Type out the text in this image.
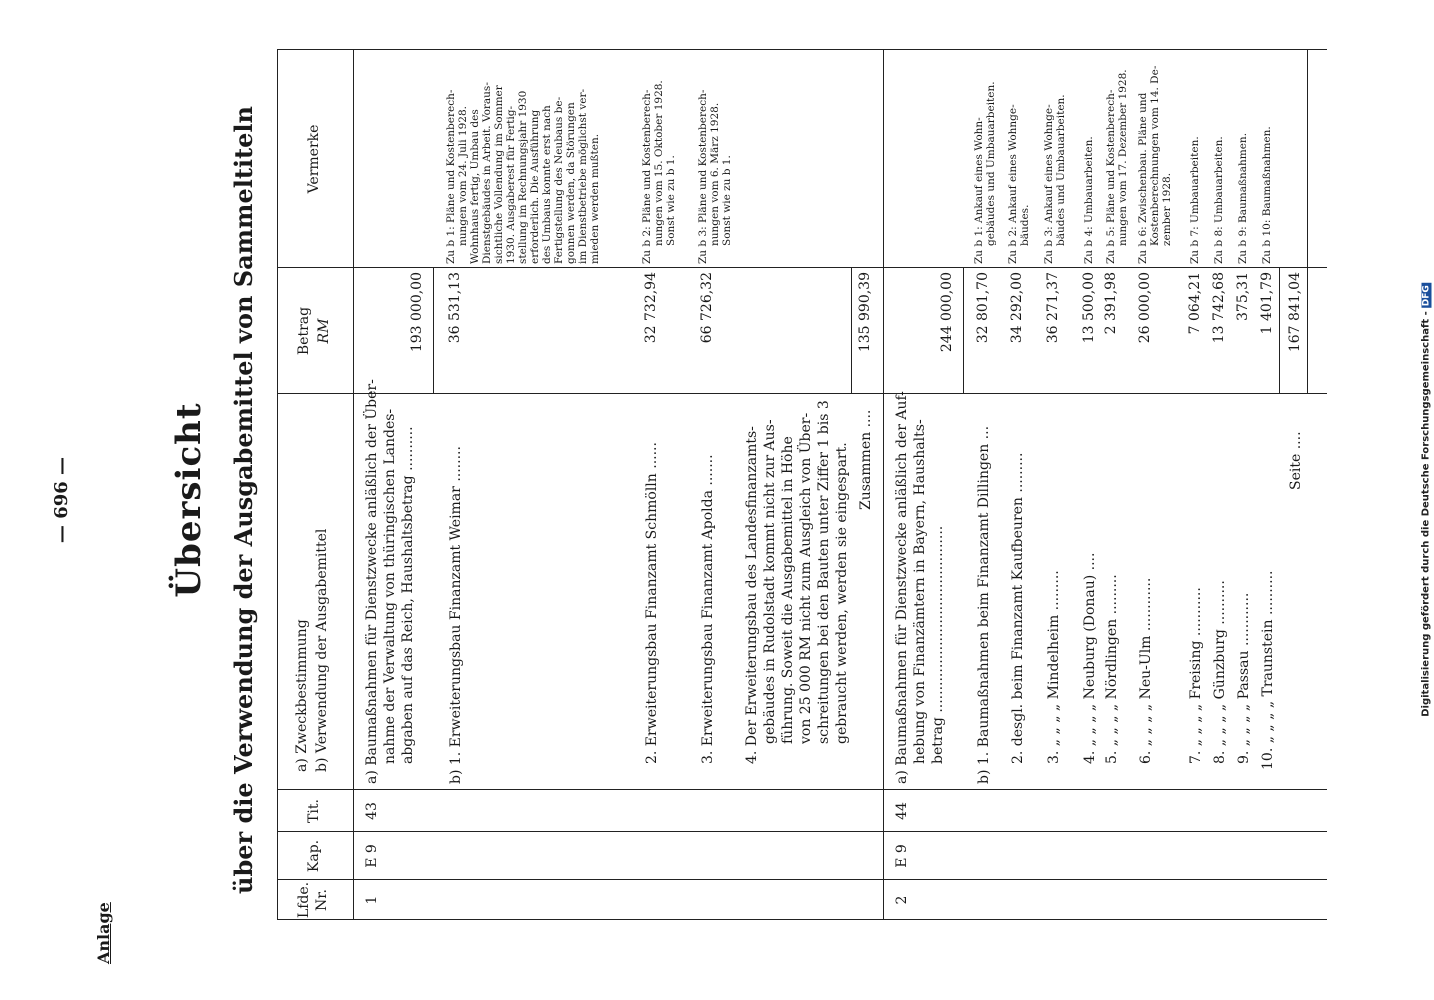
— 696 —
Anlage
Übersicht über die Verwendung der Ausgabemittel von Sammeltiteln
Lfde. Nr.
Kap.
Tit.
a) Zweckbestimmung b) Verwendung der Ausgabemittel
Betrag RM
Vermerke
1
E 9
43
a) Baumaßnahmen für Dienstzwecke anläßlich der Über- nahme der Verwaltung von thüringischen Landes- abgaben auf das Reich, Haushaltsbetrag ..........
193 000,00
b) 1. Erweiterungsbau Finanzamt Weimar ........
36 531,13
Zu b 1: Pläne und Kostenberech- nungen vom 24. Juli 1928. Wohnhaus fertig, Umbau des Dienstgebäudes in Arbeit. Voraus- sichtliche Vollendung im Sommer 1930. Ausgaberest für Fertig- stellung im Rechnungsjahr 1930 erforderlich. Die Ausführung des Umbaus konnte erst nach Fertigstellung des Neubaus be- gonnen werden, da Störungen im Dienstbetriebe möglichst ver- mieden werden mußten.
2. Erweiterungsbau Finanzamt Schmölln ......
32 732,94
Zu b 2: Pläne und Kostenberech- nungen vom 15. Oktober 1928. Sonst wie zu b 1.
3. Erweiterungsbau Finanzamt Apolda .......
66 726,32
Zu b 3: Pläne und Kostenberech- nungen vom 6. März 1928. Sonst wie zu b 1.
4. Der Erweiterungsbau des Landesfinanzamts- gebäudes in Rudolstadt kommt nicht zur Aus- führung. Soweit die Ausgabemittel in Höhe von 25 000 RM nicht zum Ausgleich von Über- schreitungen bei den Bauten unter Ziffer 1 bis 3 gebraucht werden, werden sie eingespart. Zusammen ....
135 990,39
2
E 9
44
a) Baumaßnahmen für Dienstzwecke anläßlich der Auf- hebung von Finanzämtern in Bayern, Haushalts- betrag ..........................................
244 000,00
b) 1. Baumaßnahmen beim Finanzamt Dillingen ...
32 801,70
Zu b 1: Ankauf eines Wohn- gebäudes und Umbauarbeiten.
2. desgl. beim Finanzamt Kaufbeuren .........
34 292,00
Zu b 2: Ankauf eines Wohnge- bäudes.
3. „ „ „ „ Mindelheim .........
36 271,37
Zu b 3: Ankauf eines Wohnge- bäudes und Umbauarbeiten.
4. „ „ „ „ Neuburg (Donau) ....
13 500,00
Zu b 4: Umbauarbeiten.
5. „ „ „ „ Nördlingen .........
2 391,98
Zu b 5: Pläne und Kostenberech- nungen vom 17. Dezember 1928.
6. „ „ „ „ Neu-Ulm ............
26 000,00
Zu b 6: Zwischenbau. Pläne und Kostenberechnungen vom 14. De- zember 1928.
7. „ „ „ „ Freising ...........
7 064,21
Zu b 7: Umbauarbeiten.
8. „ „ „ „ Günzburg ..........
13 742,68
Zu b 8: Umbauarbeiten.
9. „ „ „ „ Passau ............
375,31
Zu b 9: Baumaßnahmen.
10. „ „ „ „ Traunstein ..........
1 401,79
Zu b 10: Baumaßnahmen.
Seite ....
167 841,04	Digitalisierung gefördert durch die Deutsche Forschungsgemeinschaft -DFG
